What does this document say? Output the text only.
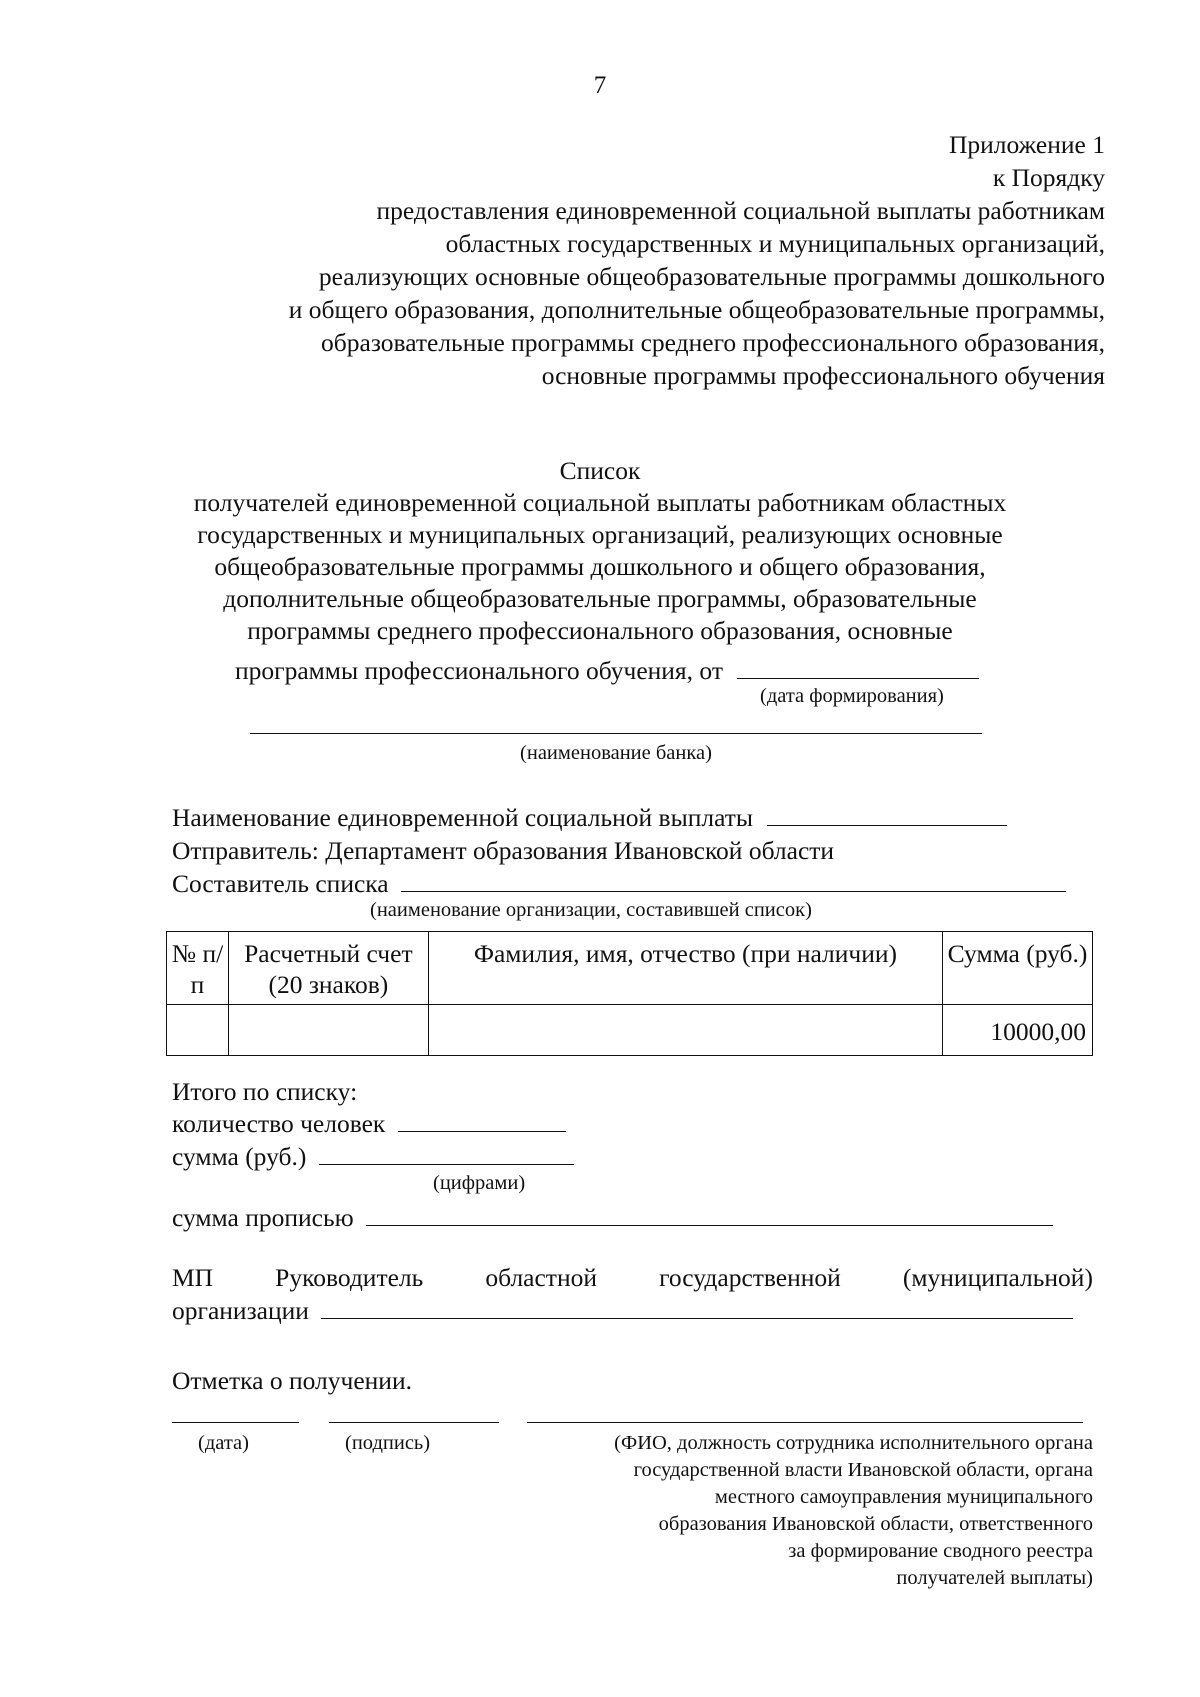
7
Приложение 1
к Порядку
предоставления единовременной социальной выплаты работникам
областных государственных и муниципальных организаций,
реализующих основные общеобразовательные программы дошкольного
и общего образования, дополнительные общеобразовательные программы,
образовательные программы среднего профессионального образования,
основные программы профессионального обучения
Список
получателей единовременной социальной выплаты работникам областных
государственных и муниципальных организаций, реализующих основные
общеобразовательные программы дошкольного и общего образования,
дополнительные общеобразовательные программы, образовательные
программы среднего профессионального образования, основные
программы профессионального обучения, от
(дата формирования)
(наименование банка)
Наименование единовременной социальной выплаты
Отправитель: Департамент образования Ивановской области
Составитель списка
(наименование организации, составившей список)
№ п/п	Расчетный счет (20 знаков)	Фамилия, имя, отчество (при наличии)	Сумма (руб.)
			10000,00
Итого по списку:
количество человек
сумма (руб.)
(цифрами)
сумма прописью
МП Руководитель областной государственной (муниципальной)
организации
Отметка о получении.
(дата)	(подпись)	(ФИО, должность сотрудника исполнительного органа
государственной власти Ивановской области, органа
местного самоуправления муниципального
образования Ивановской области, ответственного
за формирование сводного реестра
получателей выплаты)
